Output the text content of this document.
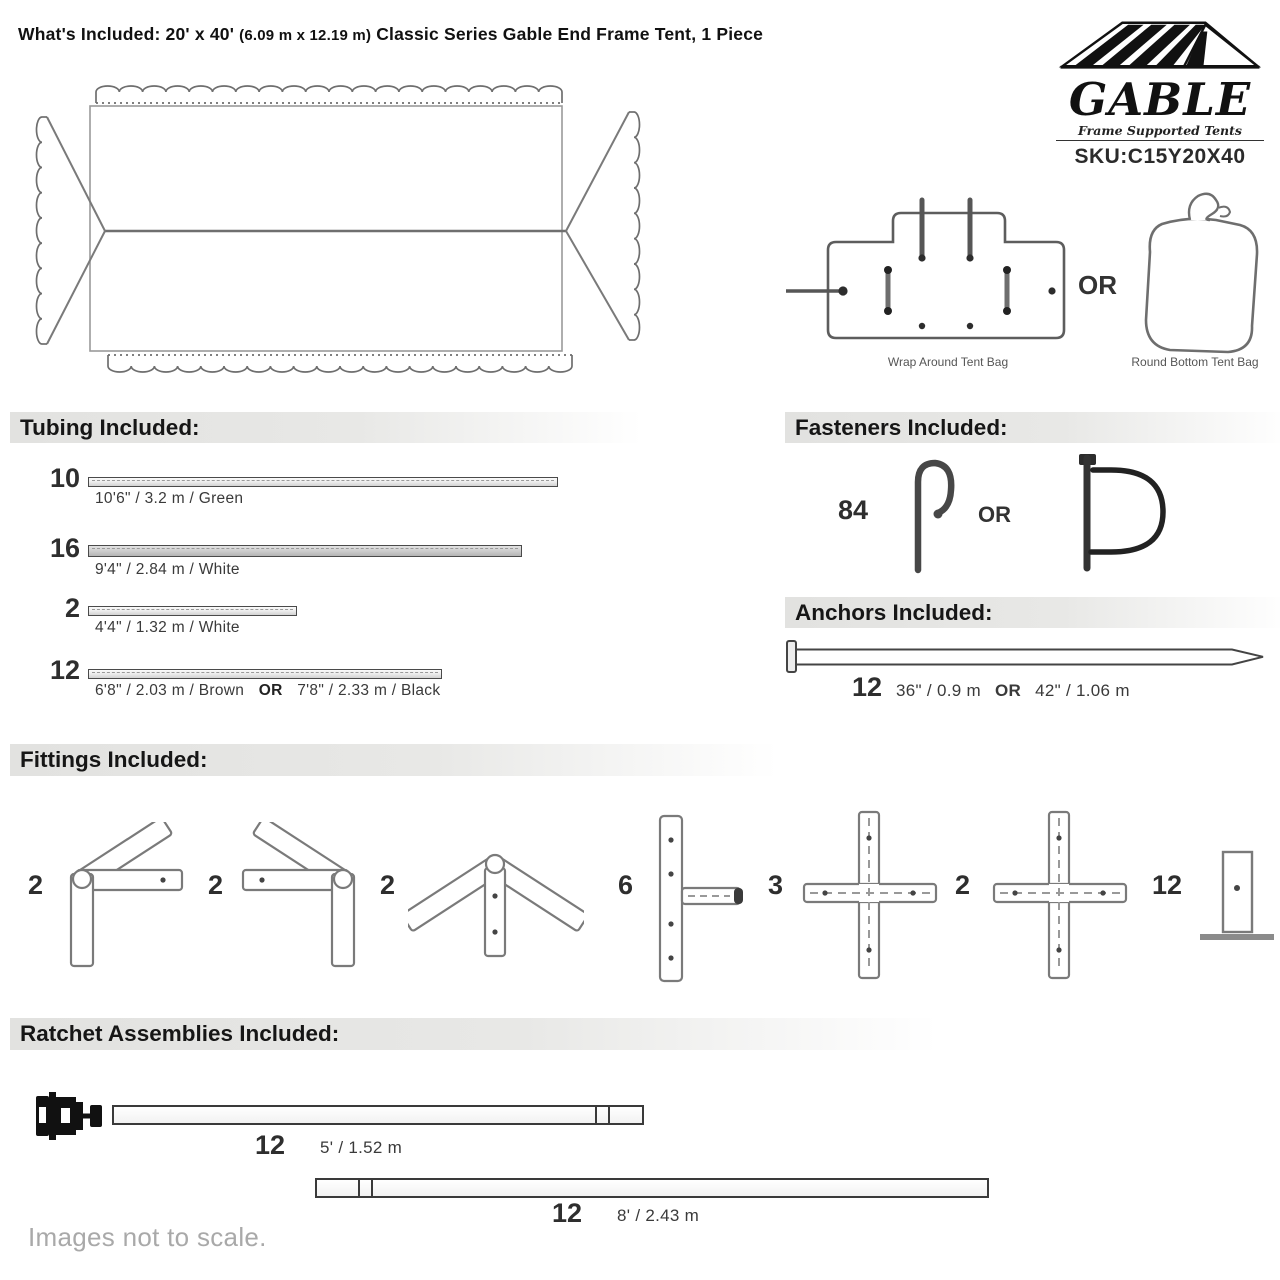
What's Included: 20' x 40' (6.09 m x 12.19 m) Classic Series Gable End Frame Tent, 1 Piece
GABLE
Frame Supported Tents
SKU:C15Y20X40
Wrap Around Tent Bag
OR
Round Bottom Tent Bag
Tubing Included:
10
10'6" / 3.2 m / Green
16
9'4" / 2.84 m / White
2
4'4" / 1.32 m / White
12
6'8" / 2.03 m / Brown OR 7'8" / 2.33 m / Black
Fasteners Included:
84	OR
Anchors Included:
12 36" / 0.9 m OR 42" / 1.06 m
Fittings Included:
2	2	2	6	3	2	12
Ratchet Assemblies Included:
12 5' / 1.52 m
12 8' / 2.43 m
Images not to scale.
